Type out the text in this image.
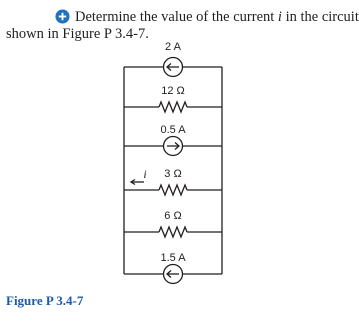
Determine the value of the current i in the circuit
shown in Figure P 3.4-7.
2 A
12 Ω
0.5 A
i 3 Ω
6 Ω
1.5 A
Figure P 3.4-7
